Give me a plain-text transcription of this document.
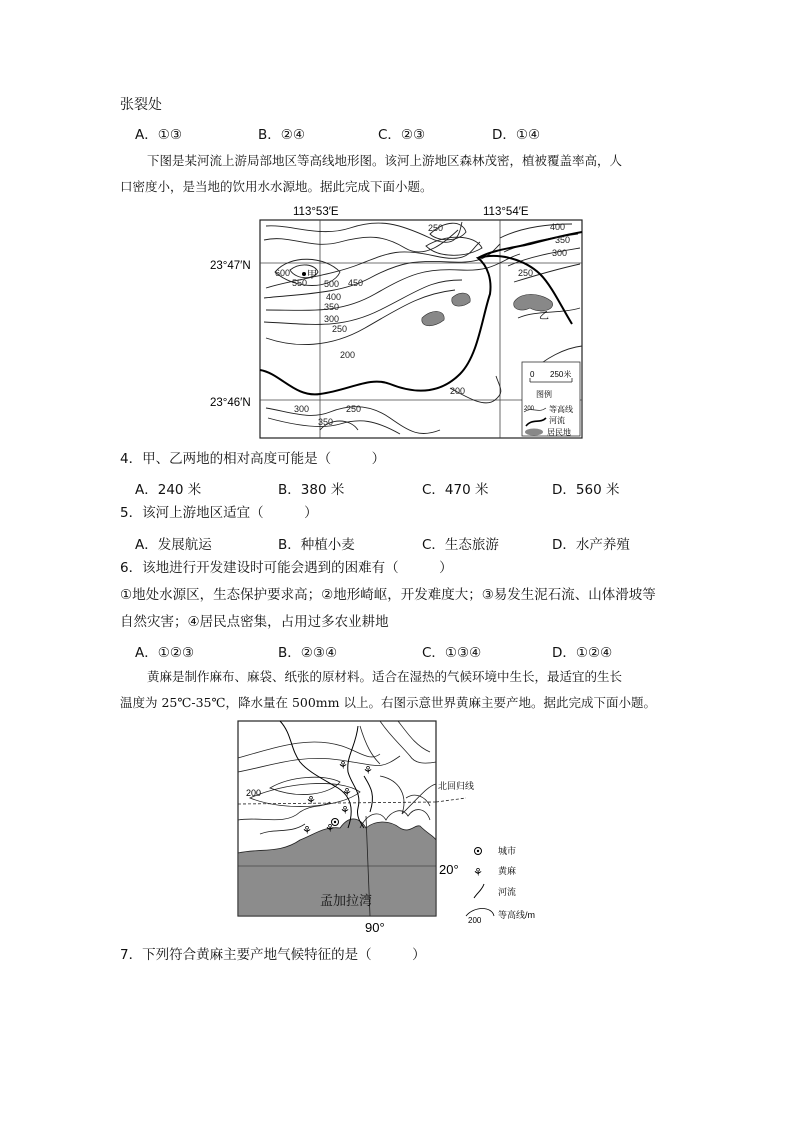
张裂处
A．①③	B．②④	C．②③	D．①④
下图是某河流上游局部地区等高线地形图。该河上游地区森林茂密，植被覆盖率高，人
口密度小，是当地的饮用水水源地。据此完成下面小题。
113°53′E	113°54′E
23°47′N
23°46′N
甲
乙
600
550 500 450
400
350
300
250
200
250	400
350
300
250
200
300	250
350
0 250米
图例
200 等高线
河流
居民地
4．甲、乙两地的相对高度可能是（　　　）
A．240 米	B．380 米	C．470 米	D．560 米
5．该河上游地区适宜（　　　）
A．发展航运	B．种植小麦	C．生态旅游	D．水产养殖
6．该地进行开发建设时可能会遇到的困难有（　　　）
①地处水源区，生态保护要求高；②地形崎岖，开发难度大；③易发生泥石流、山体滑坡等
自然灾害；④居民点密集，占用过多农业耕地
A．①②③	B．②③④	C．①③④	D．①②④
黄麻是制作麻布、麻袋、纸张的原材料。适合在湿热的气候环境中生长，最适宜的生长
温度为 25℃-35℃，降水量在 500mm 以上。右图示意世界黄麻主要产地。据此完成下面小题。
200
北回归线
20°
90°
孟加拉湾
⚘ ⚘
⚘
⚘
⚘
⚘ ⚘
城市
⚘ 黄麻
河流
200
等高线/m
7．下列符合黄麻主要产地气候特征的是（　　　）
